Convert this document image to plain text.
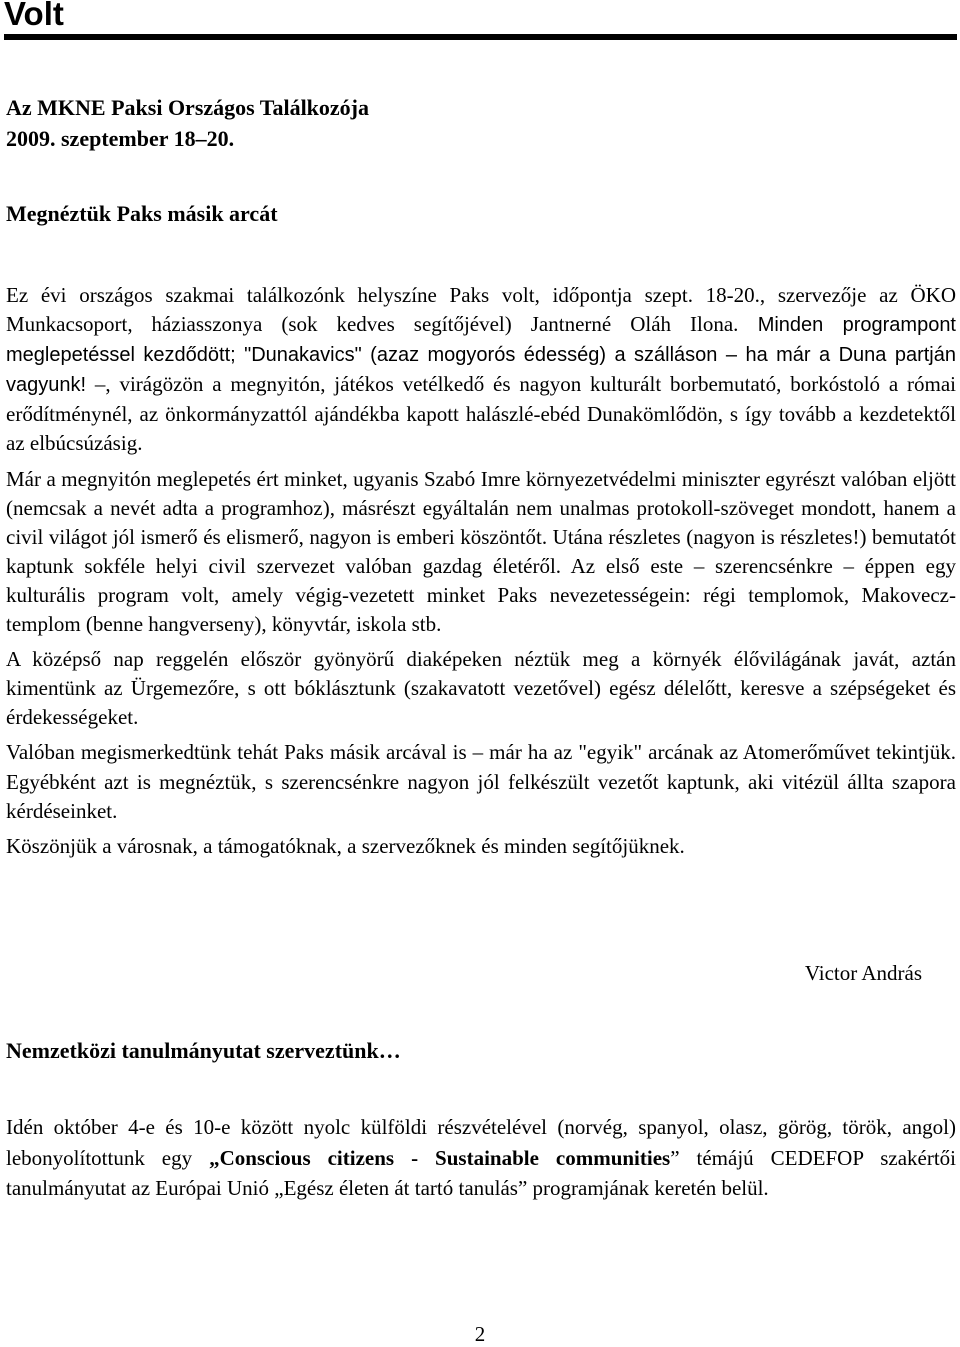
Volt
Az MKNE Paksi Országos Találkozója
2009. szeptember 18–20.
Megnéztük Paks másik arcát

Ez évi országos szakmai találkozónk helyszíne Paks volt, időpontja szept. 18-20., szervezője az ÖKO Munkacsoport, háziasszonya (sok kedves segítőjével) Jantnerné Oláh Ilona. Minden programpont meglepetéssel kezdődött; "Dunakavics" (azaz mogyorós édesség) a szálláson – ha már a Duna partján vagyunk! –, virágözön a megnyitón, játékos vetélkedő és nagyon kulturált borbemutató, borkóstoló a római erődítménynél, az önkormányzattól ajándékba kapott halászlé-ebéd Dunakömlődön, s így tovább a kezdetektől az elbúcsúzásig.

Már a megnyitón meglepetés ért minket, ugyanis Szabó Imre környezetvédelmi miniszter egyrészt valóban eljött (nemcsak a nevét adta a programhoz), másrészt egyáltalán nem unalmas protokoll-szöveget mondott, hanem a civil világot jól ismerő és elismerő, nagyon is emberi köszöntőt. Utána részletes (nagyon is részletes!) bemutatót kaptunk sokféle helyi civil szervezet valóban gazdag életéről. Az első este – szerencsénkre – éppen egy kulturális program volt, amely végig-vezetett minket Paks nevezetességein: régi templomok, Makovecz-templom (benne hangverseny), könyvtár, iskola stb.

A középső nap reggelén először gyönyörű diaképeken néztük meg a környék élővilágának javát, aztán kimentünk az Ürgemezőre, s ott bóklásztunk (szakavatott vezetővel) egész délelőtt, keresve a szépségeket és érdekességeket.

Valóban megismerkedtünk tehát Paks másik arcával is – már ha az "egyik" arcának az Atomerőművet tekintjük. Egyébként azt is megnéztük, s szerencsénkre nagyon jól felkészült vezetőt kaptunk, aki vitézül állta szapora kérdéseinket.

Köszönjük a városnak, a támogatóknak, a szervezőknek és minden segítőjüknek.

Victor András
Nemzetközi tanulmányutat szerveztünk…

Idén október 4-e és 10-e között nyolc külföldi részvételével (norvég, spanyol, olasz, görög, török, angol) lebonyolítottunk egy „Conscious citizens - Sustainable communities” témájú CEDEFOP szakértői tanulmányutat az Európai Unió „Egész életen át tartó tanulás” programjának keretén belül.

2
